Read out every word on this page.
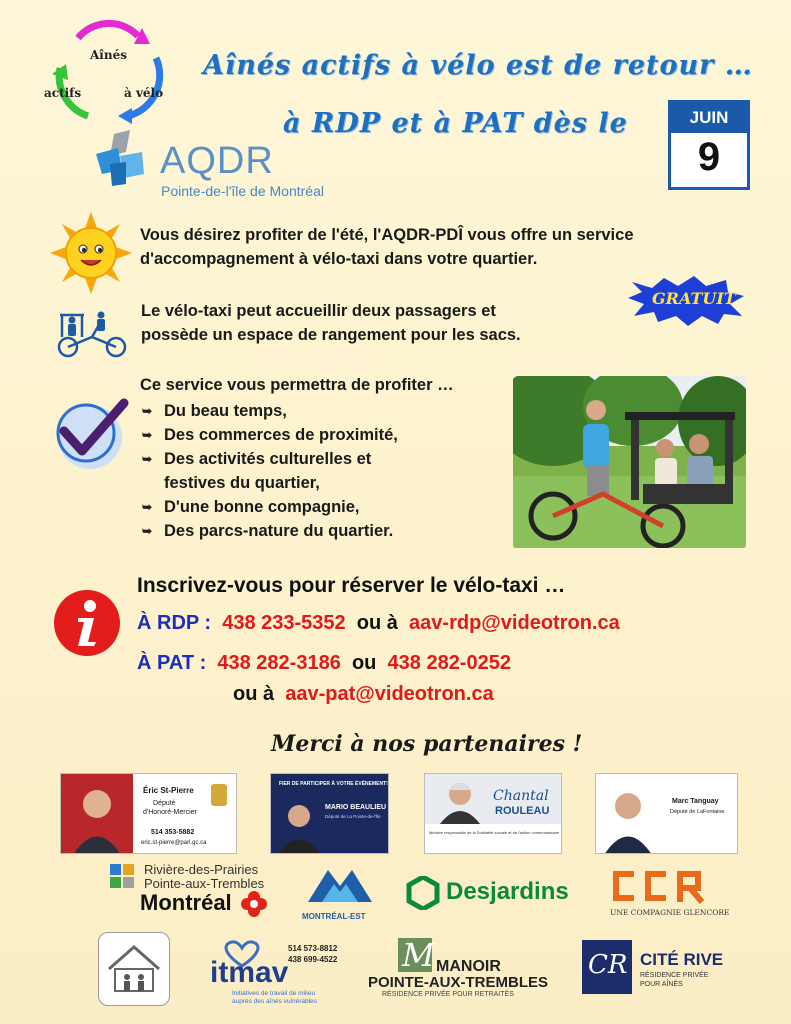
Aînés
actifs	à vélo
AQDR
Pointe-de-l'île de Montréal
Aînés actifs à vélo est de retour …
à RDP et à PAT dès le	JUIN
9
Vous désirez profiter de l'été, l'AQDR-PDÎ vous offre un service
d'accompagnement à vélo-taxi dans votre quartier.
Le vélo-taxi peut accueillir deux passagers et
possède un espace de rangement pour les sacs.
GRATUIT
Ce service vous permettra de profiter …
➥ Du beau temps,
➥ Des commerces de proximité,
➥ Des activités culturelles et
festives du quartier,
➥ D'une bonne compagnie,
➥ Des parcs-nature du quartier.
Inscrivez-vous pour réserver le vélo-taxi …
À RDP : 438 233-5352 ou à aav-rdp@videotron.ca
À PAT : 438 282-3186 ou 438 282-0252
ou à aav-pat@videotron.ca
Merci à nos partenaires !
Éric St-Pierre
Député
d'Honoré-Mercier
514 353-5882
eric.st-pierre@parl.gc.ca
FIER DE PARTICIPER À VOTRE ÉVÉNEMENT!
MARIO BEAULIEU
Député de La Pointe-de-l'Île
Chantal
ROULEAU
Ministre responsable de la Solidarité sociale et de l'action communautaire
Marc Tanguay
Député de LaFontaine
Rivière-des-Prairies
Pointe-aux-Trembles
Montréal
MONTRÉAL-EST
Desjardins
UNE COMPAGNIE GLENCORE
itmav
514 573-8812
438 699-4522
Initiatives de travail de milieu
auprès des aînés vulnérables
M MANOIR
POINTE-AUX-TREMBLES
RÉSIDENCE PRIVÉE POUR RETRAITÉS
CR CITÉ RIVE
RÉSIDENCE PRIVÉE
POUR AÎNÉS
